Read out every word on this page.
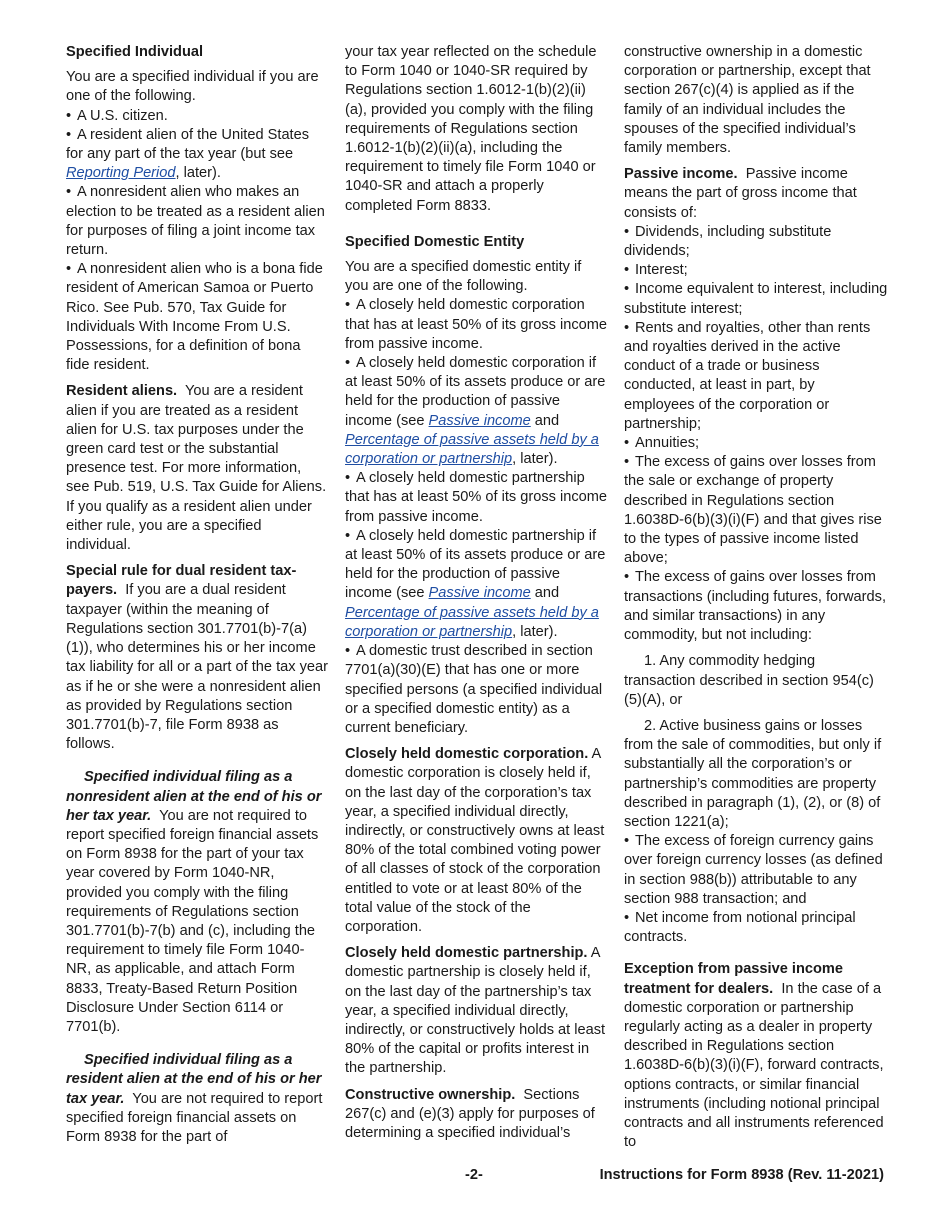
Specified Individual

You are a specified individual if you are one of the following.

• A U.S. citizen.

• A resident alien of the United States for any part of the tax year (but see Reporting Period, later).

• A nonresident alien who makes an election to be treated as a resident alien for purposes of filing a joint income tax return.

• A nonresident alien who is a bona fide resident of American Samoa or Puerto Rico. See Pub. 570, Tax Guide for Individuals With Income From U.S. Possessions, for a definition of bona fide resident.

Resident aliens. You are a resident alien if you are treated as a resident alien for U.S. tax purposes under the green card test or the substantial presence test. For more information, see Pub. 519, U.S. Tax Guide for Aliens. If you qualify as a resident alien under either rule, you are a specified individual.

Special rule for dual resident tax-payers. If you are a dual resident taxpayer (within the meaning of Regulations section 301.7701(b)-7(a)(1)), who determines his or her income tax liability for all or a part of the tax year as if he or she were a nonresident alien as provided by Regulations section 301.7701(b)-7, file Form 8938 as follows.

Specified individual filing as a nonresident alien at the end of his or her tax year. You are not required to report specified foreign financial assets on Form 8938 for the part of your tax year covered by Form 1040-NR, provided you comply with the filing requirements of Regulations section 301.7701(b)-7(b) and (c), including the requirement to timely file Form 1040-NR, as applicable, and attach Form 8833, Treaty-Based Return Position Disclosure Under Section 6114 or 7701(b).

Specified individual filing as a resident alien at the end of his or her tax year. You are not required to report specified foreign financial assets on Form 8938 for the part of

your tax year reflected on the schedule to Form 1040 or 1040-SR required by Regulations section 1.6012-1(b)(2)(ii)(a), provided you comply with the filing requirements of Regulations section 1.6012-1(b)(2)(ii)(a), including the requirement to timely file Form 1040 or 1040-SR and attach a properly completed Form 8833.

Specified Domestic Entity

You are a specified domestic entity if you are one of the following.

• A closely held domestic corporation that has at least 50% of its gross income from passive income.

• A closely held domestic corporation if at least 50% of its assets produce or are held for the production of passive income (see Passive income and Percentage of passive assets held by a corporation or partnership, later).

• A closely held domestic partnership that has at least 50% of its gross income from passive income.

• A closely held domestic partnership if at least 50% of its assets produce or are held for the production of passive income (see Passive income and Percentage of passive assets held by a corporation or partnership, later).

• A domestic trust described in section 7701(a)(30)(E) that has one or more specified persons (a specified individual or a specified domestic entity) as a current beneficiary.

Closely held domestic corporation. A domestic corporation is closely held if, on the last day of the corporation’s tax year, a specified individual directly, indirectly, or constructively owns at least 80% of the total combined voting power of all classes of stock of the corporation entitled to vote or at least 80% of the total value of the stock of the corporation.

Closely held domestic partnership. A domestic partnership is closely held if, on the last day of the partnership’s tax year, a specified individual directly, indirectly, or constructively holds at least 80% of the capital or profits interest in the partnership.

Constructive ownership. Sections 267(c) and (e)(3) apply for purposes of determining a specified individual’s

constructive ownership in a domestic corporation or partnership, except that section 267(c)(4) is applied as if the family of an individual includes the spouses of the specified individual’s family members.

Passive income. Passive income means the part of gross income that consists of:

• Dividends, including substitute dividends;

• Interest;

• Income equivalent to interest, including substitute interest;

• Rents and royalties, other than rents and royalties derived in the active conduct of a trade or business conducted, at least in part, by employees of the corporation or partnership;

• Annuities;

• The excess of gains over losses from the sale or exchange of property described in Regulations section 1.6038D-6(b)(3)(i)(F) and that gives rise to the types of passive income listed above;

• The excess of gains over losses from transactions (including futures, forwards, and similar transactions) in any commodity, but not including:

1. Any commodity hedging transaction described in section 954(c)(5)(A), or

2. Active business gains or losses from the sale of commodities, but only if substantially all the corporation’s or partnership’s commodities are property described in paragraph (1), (2), or (8) of section 1221(a);

• The excess of foreign currency gains over foreign currency losses (as defined in section 988(b)) attributable to any section 988 transaction; and

• Net income from notional principal contracts.

Exception from passive income treatment for dealers. In the case of a domestic corporation or partnership regularly acting as a dealer in property described in Regulations section 1.6038D-6(b)(3)(i)(F), forward contracts, options contracts, or similar financial instruments (including notional principal contracts and all instruments referenced to

-2-	Instructions for Form 8938 (Rev. 11-2021)
